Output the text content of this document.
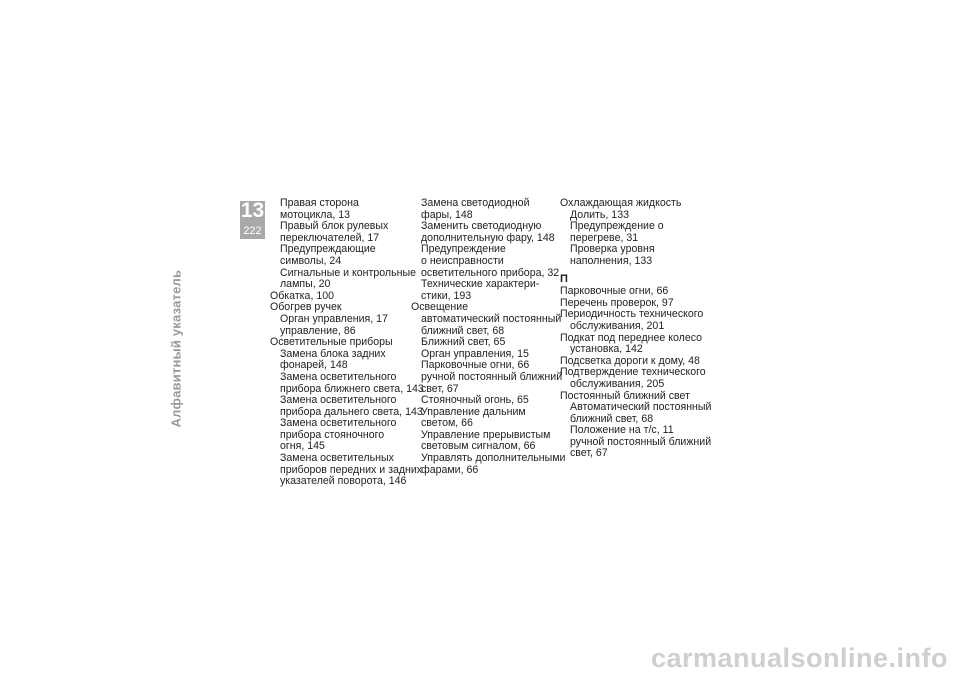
13
222
Алфавитный указатель
Правая сторона
мотоцикла, 13
Правый блок рулевых
переключателей, 17
Предупреждающие
символы, 24
Сигнальные и контрольные
лампы, 20
Обкатка, 100
Обогрев ручек
Орган управления, 17
управление, 86
Осветительные приборы
Замена блока задних
фонарей, 148
Замена осветительного
прибора ближнего света, 143
Замена осветительного
прибора дальнего света, 143
Замена осветительного
прибора стояночного
огня, 145
Замена осветительных
приборов передних и задних
указателей поворота, 146
Замена светодиодной
фары, 148
Заменить светодиодную
дополнительную фару, 148
Предупреждение
о неисправности
осветительного прибора, 32
Технические характери-
стики, 193
Освещение
автоматический постоянный
ближний свет, 68
Ближний свет, 65
Орган управления, 15
Парковочные огни, 66
ручной постоянный ближний
свет, 67
Стояночный огонь, 65
Управление дальним
светом, 66
Управление прерывистым
световым сигналом, 66
Управлять дополнительными
фарами, 66
Охлаждающая жидкость
Долить, 133
Предупреждение о
перегреве, 31
Проверка уровня
наполнения, 133
П
Парковочные огни, 66
Перечень проверок, 97
Периодичность технического
обслуживания, 201
Подкат под переднее колесо
установка, 142
Подсветка дороги к дому, 48
Подтверждение технического
обслуживания, 205
Постоянный ближний свет
Автоматический постоянный
ближний свет, 68
Положение на т/с, 11
ручной постоянный ближний
свет, 67
carmanualsonline.info
